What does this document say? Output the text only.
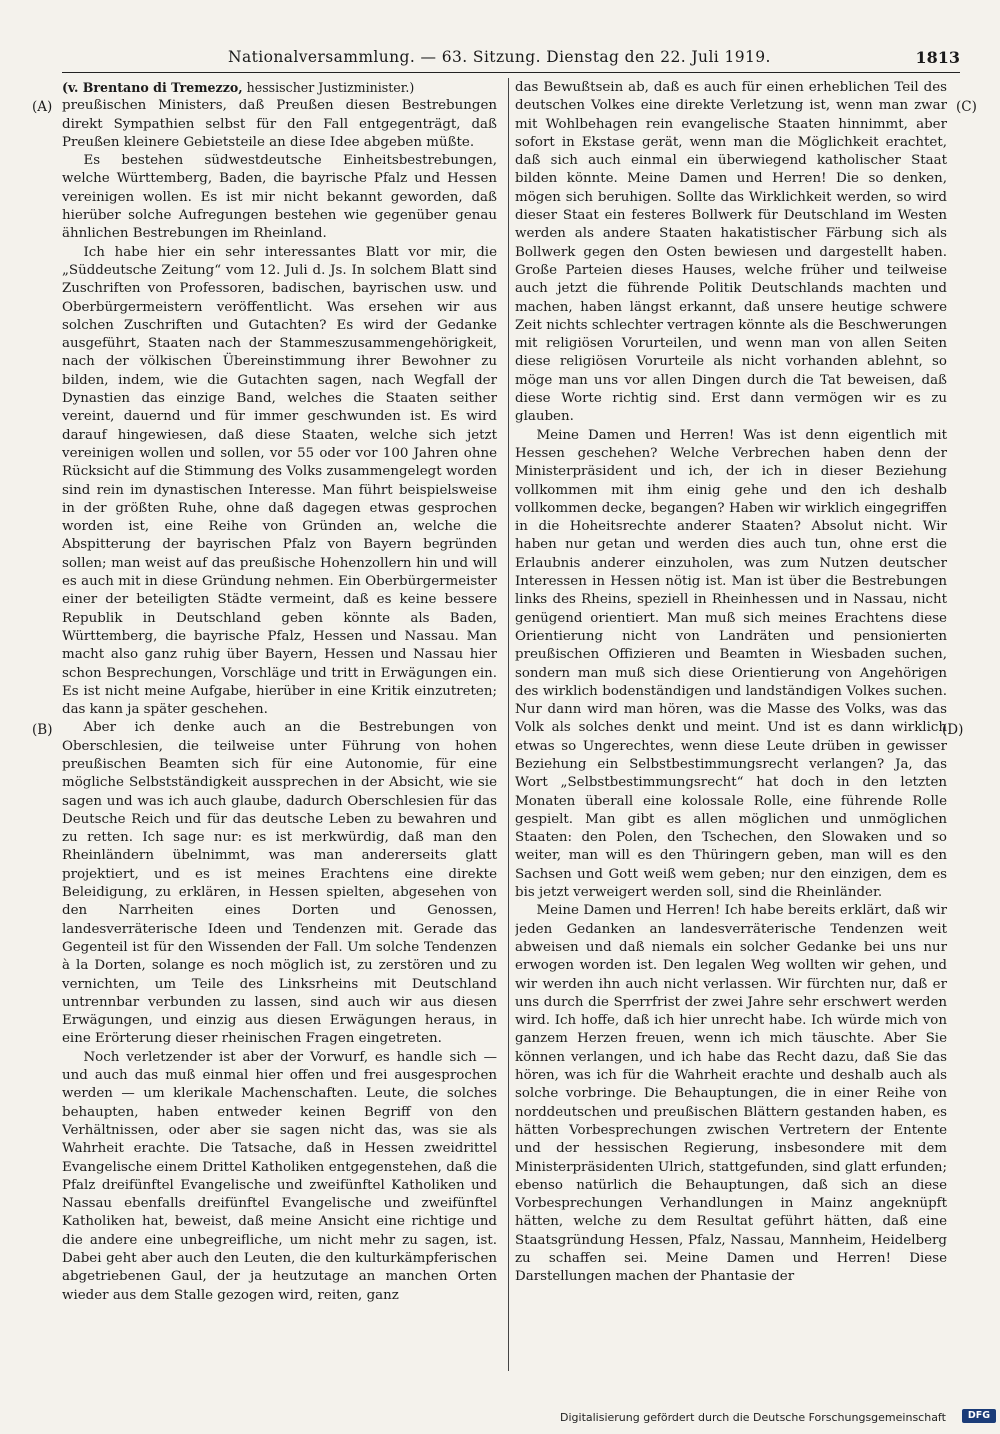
Nationalversammlung. — 63. Sitzung. Dienstag den 22. Juli 1919.	1813
(A)
(B)
(C)
(D)

(v. Brentano di Tremezzo, hessischer Justizminister.)

preußischen Ministers, daß Preußen diesen Bestrebungen direkt Sympathien selbst für den Fall entgegenträgt, daß Preußen kleinere Gebietsteile an diese Idee abgeben müßte.

Es bestehen südwestdeutsche Einheitsbestrebungen, welche Württemberg, Baden, die bayrische Pfalz und Hessen vereinigen wollen. Es ist mir nicht bekannt geworden, daß hierüber solche Aufregungen bestehen wie gegenüber genau ähnlichen Bestrebungen im Rheinland.

Ich habe hier ein sehr interessantes Blatt vor mir, die „Süddeutsche Zeitung“ vom 12. Juli d. Js. In solchem Blatt sind Zuschriften von Professoren, badischen, bayrischen usw. und Oberbürgermeistern veröffentlicht. Was ersehen wir aus solchen Zuschriften und Gutachten? Es wird der Gedanke ausgeführt, Staaten nach der Stammeszusammengehörigkeit, nach der völkischen Übereinstimmung ihrer Bewohner zu bilden, indem, wie die Gutachten sagen, nach Wegfall der Dynastien das einzige Band, welches die Staaten seither vereint, dauernd und für immer geschwunden ist. Es wird darauf hingewiesen, daß diese Staaten, welche sich jetzt vereinigen wollen und sollen, vor 55 oder vor 100 Jahren ohne Rücksicht auf die Stimmung des Volks zusammengelegt worden sind rein im dynastischen Interesse. Man führt beispielsweise in der größten Ruhe, ohne daß dagegen etwas gesprochen worden ist, eine Reihe von Gründen an, welche die Abspitterung der bayrischen Pfalz von Bayern begründen sollen; man weist auf das preußische Hohenzollern hin und will es auch mit in diese Gründung nehmen. Ein Oberbürgermeister einer der beteiligten Städte vermeint, daß es keine bessere Republik in Deutschland geben könnte als Baden, Württemberg, die bayrische Pfalz, Hessen und Nassau. Man macht also ganz ruhig über Bayern, Hessen und Nassau hier schon Besprechungen, Vorschläge und tritt in Erwägungen ein. Es ist nicht meine Aufgabe, hierüber in eine Kritik einzutreten; das kann ja später geschehen.

Aber ich denke auch an die Bestrebungen von Oberschlesien, die teilweise unter Führung von hohen preußischen Beamten sich für eine Autonomie, für eine mögliche Selbstständigkeit aussprechen in der Absicht, wie sie sagen und was ich auch glaube, dadurch Oberschlesien für das Deutsche Reich und für das deutsche Leben zu bewahren und zu retten. Ich sage nur: es ist merkwürdig, daß man den Rheinländern übelnimmt, was man andererseits glatt projektiert, und es ist meines Erachtens eine direkte Beleidigung, zu erklären, in Hessen spielten, abgesehen von den Narrheiten eines Dorten und Genossen, landesverräterische Ideen und Tendenzen mit. Gerade das Gegenteil ist für den Wissenden der Fall. Um solche Tendenzen à la Dorten, solange es noch möglich ist, zu zerstören und zu vernichten, um Teile des Linksrheins mit Deutschland untrennbar verbunden zu lassen, sind auch wir aus diesen Erwägungen, und einzig aus diesen Erwägungen heraus, in eine Erörterung dieser rheinischen Fragen eingetreten.

Noch verletzender ist aber der Vorwurf, es handle sich — und auch das muß einmal hier offen und frei ausgesprochen werden — um klerikale Machenschaften. Leute, die solches behaupten, haben entweder keinen Begriff von den Verhältnissen, oder aber sie sagen nicht das, was sie als Wahrheit erachte. Die Tatsache, daß in Hessen zweidrittel Evangelische einem Drittel Katholiken entgegenstehen, daß die Pfalz dreifünftel Evangelische und zweifünftel Katholiken und Nassau ebenfalls dreifünftel Evangelische und zweifünftel Katholiken hat, beweist, daß meine Ansicht eine richtige und die andere eine unbegreifliche, um nicht mehr zu sagen, ist. Dabei geht aber auch den Leuten, die den kulturkämpferischen abgetriebenen Gaul, der ja heutzutage an manchen Orten wieder aus dem Stalle gezogen wird, reiten, ganz

das Bewußtsein ab, daß es auch für einen erheblichen Teil des deutschen Volkes eine direkte Verletzung ist, wenn man zwar mit Wohlbehagen rein evangelische Staaten hinnimmt, aber sofort in Ekstase gerät, wenn man die Möglichkeit erachtet, daß sich auch einmal ein überwiegend katholischer Staat bilden könnte. Meine Damen und Herren! Die so denken, mögen sich beruhigen. Sollte das Wirklichkeit werden, so wird dieser Staat ein festeres Bollwerk für Deutschland im Westen werden als andere Staaten hakatistischer Färbung sich als Bollwerk gegen den Osten bewiesen und dargestellt haben. Große Parteien dieses Hauses, welche früher und teilweise auch jetzt die führende Politik Deutschlands machten und machen, haben längst erkannt, daß unsere heutige schwere Zeit nichts schlechter vertragen könnte als die Beschwerungen mit religiösen Vorurteilen, und wenn man von allen Seiten diese religiösen Vorurteile als nicht vorhanden ablehnt, so möge man uns vor allen Dingen durch die Tat beweisen, daß diese Worte richtig sind. Erst dann vermögen wir es zu glauben.

Meine Damen und Herren! Was ist denn eigentlich mit Hessen geschehen? Welche Verbrechen haben denn der Ministerpräsident und ich, der ich in dieser Beziehung vollkommen mit ihm einig gehe und den ich deshalb vollkommen decke, begangen? Haben wir wirklich eingegriffen in die Hoheitsrechte anderer Staaten? Absolut nicht. Wir haben nur getan und werden dies auch tun, ohne erst die Erlaubnis anderer einzuholen, was zum Nutzen deutscher Interessen in Hessen nötig ist. Man ist über die Bestrebungen links des Rheins, speziell in Rheinhessen und in Nassau, nicht genügend orientiert. Man muß sich meines Erachtens diese Orientierung nicht von Landräten und pensionierten preußischen Offizieren und Beamten in Wiesbaden suchen, sondern man muß sich diese Orientierung von Angehörigen des wirklich bodenständigen und landständigen Volkes suchen. Nur dann wird man hören, was die Masse des Volks, was das Volk als solches denkt und meint. Und ist es dann wirklich etwas so Ungerechtes, wenn diese Leute drüben in gewisser Beziehung ein Selbstbestimmungsrecht verlangen? Ja, das Wort „Selbstbestimmungsrecht“ hat doch in den letzten Monaten überall eine kolossale Rolle, eine führende Rolle gespielt. Man gibt es allen möglichen und unmöglichen Staaten: den Polen, den Tschechen, den Slowaken und so weiter, man will es den Thüringern geben, man will es den Sachsen und Gott weiß wem geben; nur den einzigen, dem es bis jetzt verweigert werden soll, sind die Rheinländer.

Meine Damen und Herren! Ich habe bereits erklärt, daß wir jeden Gedanken an landesverräterische Tendenzen weit abweisen und daß niemals ein solcher Gedanke bei uns nur erwogen worden ist. Den legalen Weg wollten wir gehen, und wir werden ihn auch nicht verlassen. Wir fürchten nur, daß er uns durch die Sperrfrist der zwei Jahre sehr erschwert werden wird. Ich hoffe, daß ich hier unrecht habe. Ich würde mich von ganzem Herzen freuen, wenn ich mich täuschte. Aber Sie können verlangen, und ich habe das Recht dazu, daß Sie das hören, was ich für die Wahrheit erachte und deshalb auch als solche vorbringe. Die Behauptungen, die in einer Reihe von norddeutschen und preußischen Blättern gestanden haben, es hätten Vorbesprechungen zwischen Vertretern der Entente und der hessischen Regierung, insbesondere mit dem Ministerpräsidenten Ulrich, stattgefunden, sind glatt erfunden; ebenso natürlich die Behauptungen, daß sich an diese Vorbesprechungen Verhandlungen in Mainz angeknüpft hätten, welche zu dem Resultat geführt hätten, daß eine Staatsgründung Hessen, Pfalz, Nassau, Mannheim, Heidelberg zu schaffen sei. Meine Damen und Herren! Diese Darstellungen machen der Phantasie der

Digitalisierung gefördert durch die Deutsche Forschungsgemeinschaft	DFG
